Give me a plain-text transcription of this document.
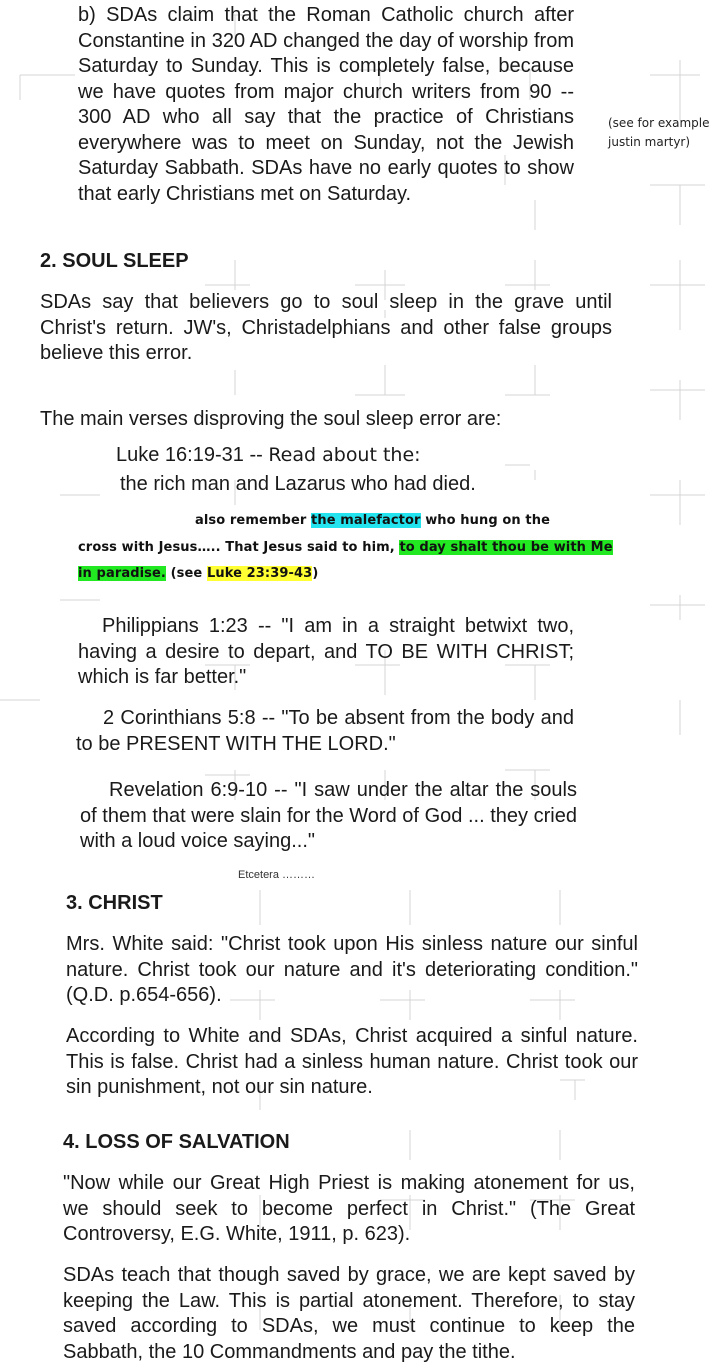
b) SDAs claim that the Roman Catholic church after Constantine in 320 AD changed the day of worship from Saturday to Sunday. This is completely false, because we have quotes from major church writers from 90 -- 300 AD who all say that the practice of Christians everywhere was to meet on Sunday, not the Jewish Saturday Sabbath. SDAs have no early quotes to show that early Christians met on Saturday.

(see for example
justin martyr)
2. SOUL SLEEP

SDAs say that believers go to soul sleep in the grave until Christ's return. JW's, Christadelphians and other false groups believe this error.

The main verses disproving the soul sleep error are:

Luke 16:19-31 -- Read about the:
the rich man and Lazarus who had died.
also remember the malefactor who hung on the
cross with Jesus….. That Jesus said to him, to day shalt thou be with Me
in paradise. (see Luke 23:39-43)

Philippians 1:23 -- "I am in a straight betwixt two, having a desire to depart, and TO BE WITH CHRIST; which is far better."

2 Corinthians 5:8 -- "To be absent from the body and to be PRESENT WITH THE LORD."

Revelation 6:9-10 -- "I saw under the altar the souls of them that were slain for the Word of God ... they cried with a loud voice saying..."

Etcetera ………
3. CHRIST

Mrs. White said: "Christ took upon His sinless nature our sinful nature. Christ took our nature and it's deteriorating condition." (Q.D. p.654-656).

According to White and SDAs, Christ acquired a sinful nature. This is false. Christ had a sinless human nature. Christ took our sin punishment, not our sin nature.

4. LOSS OF SALVATION

"Now while our Great High Priest is making atonement for us, we should seek to become perfect in Christ." (The Great Controversy, E.G. White, 1911, p. 623).

SDAs teach that though saved by grace, we are kept saved by keeping the Law. This is partial atonement. Therefore, to stay saved according to SDAs, we must continue to keep the Sabbath, the 10 Commandments and pay the tithe.
